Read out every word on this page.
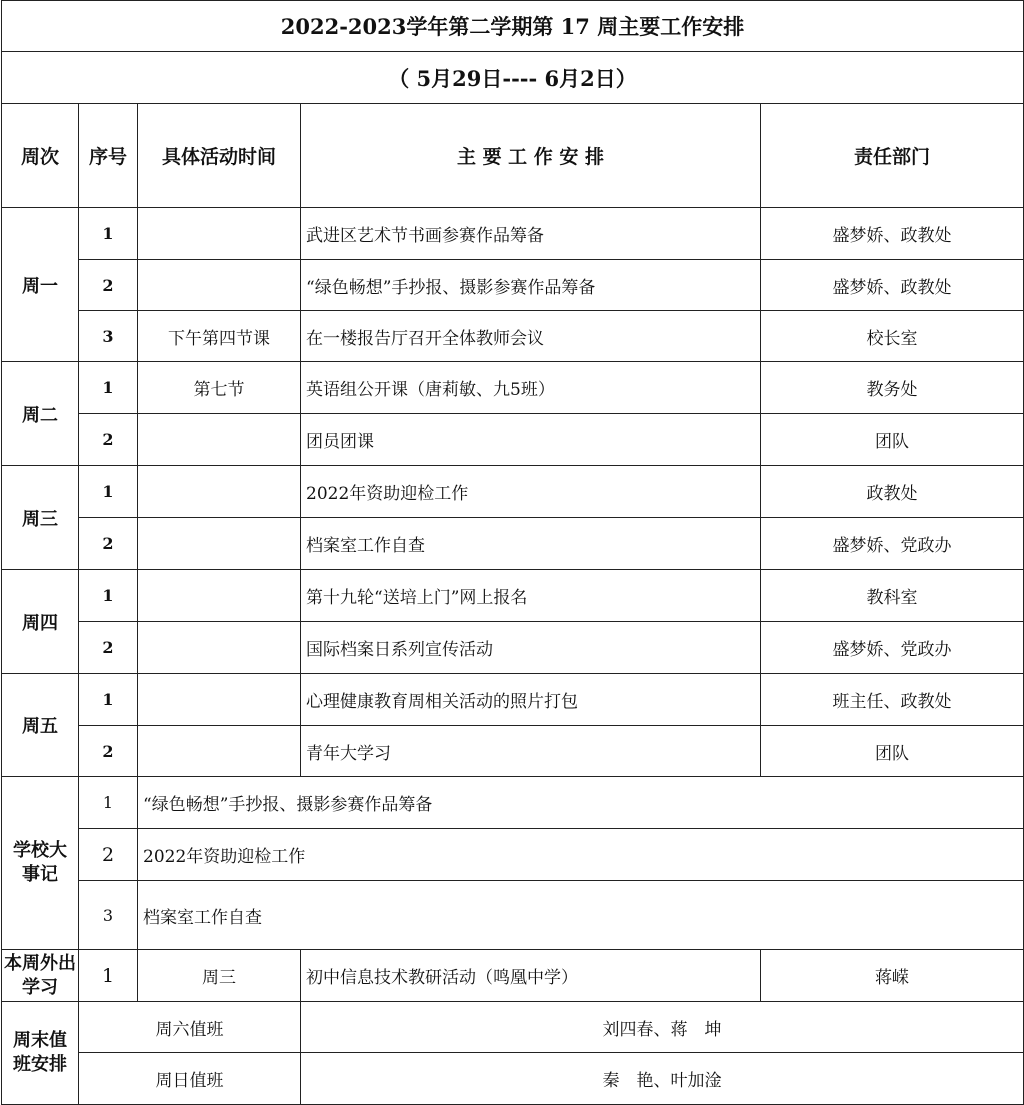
2022-2023学年第二学期第 17 周主要工作安排				
（ 5月29日---- 6月2日）				
周次	序号	具体活动时间	主 要 工 作 安 排	责任部门
周一	1		武进区艺术节书画参赛作品筹备	盛梦娇、政教处
	2		“绿色畅想”手抄报、摄影参赛作品筹备	盛梦娇、政教处
	3	下午第四节课	在一楼报告厅召开全体教师会议	校长室
周二	1	第七节	英语组公开课（唐莉敏、九5班）	教务处
	2		团员团课	团队
周三	1		2022年资助迎检工作	政教处
	2		档案室工作自查	盛梦娇、党政办
周四	1		第十九轮“送培上门”网上报名	教科室
	2		国际档案日系列宣传活动	盛梦娇、党政办
周五	1		心理健康教育周相关活动的照片打包	班主任、政教处
	2		青年大学习	团队
学校大事记	1	“绿色畅想”手抄报、摄影参赛作品筹备		
	2	2022年资助迎检工作		
	3	档案室工作自查		
本周外出学习	1	周三	初中信息技术教研活动（鸣凰中学）	蒋嵘
周末值班安排	周六值班		刘四春、蒋　坤	
	周日值班		秦　艳、叶加淦	
